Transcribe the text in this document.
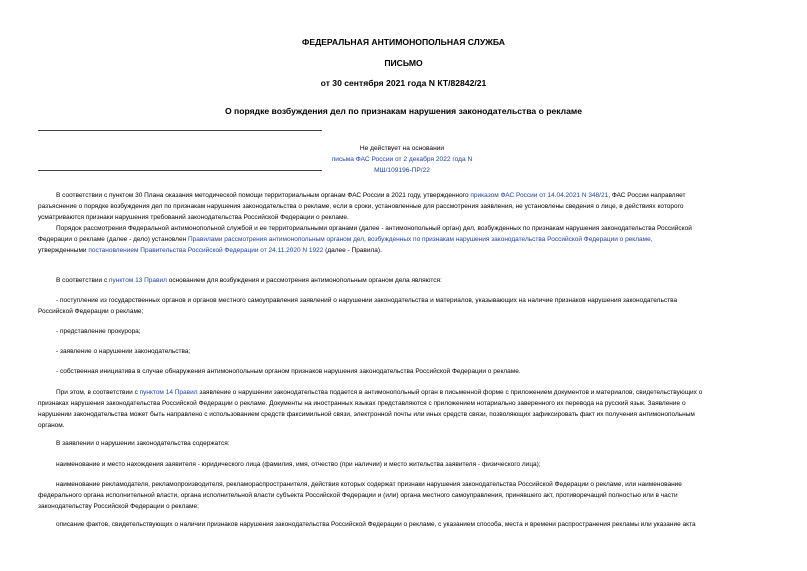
ФЕДЕРАЛЬНАЯ АНТИМОНОПОЛЬНАЯ СЛУЖБА
ПИСЬМО
от 30 сентября 2021 года N КТ/82842/21
О порядке возбуждения дел по признакам нарушения законодательства о рекламе
Не действует на основании
письма ФАС России от 2 декабря 2022 года N МШ/109196-ПР/22
В соответствии с пунктом 30 Плана оказания методической помощи территориальным органам ФАС России в 2021 году, утвержденного приказом ФАС России от 14.04.2021 N 348/21, ФАС России направляет
разъяснение о порядке возбуждения дел по признакам нарушения законодательства о рекламе, если в сроки, установленные для рассмотрения заявления, не установлены сведения о лице, в действиях которого
усматриваются признаки нарушения требований законодательства Российской Федерации о рекламе.
Порядок рассмотрения Федеральной антимонопольной службой и ее территориальными органами (далее - антимонопольный орган) дел, возбужденных по признакам нарушения законодательства Российской
Федерации о рекламе (далее - дело) установлен Правилами рассмотрения антимонопольным органом дел, возбужденных по признакам нарушения законодательства Российской Федерации о рекламе,
утвержденными постановлением Правительства Российской Федерации от 24.11.2020 N 1922 (далее - Правила).
В соответствии с пунктом 13 Правил основанием для возбуждения и рассмотрения антимонопольным органом дела являются:
- поступление из государственных органов и органов местного самоуправления заявлений о нарушении законодательства и материалов, указывающих на наличие признаков нарушения законодательства
Российской Федерации о рекламе;
- представление прокурора;
- заявление о нарушении законодательства;
- собственная инициатива в случае обнаружения антимонопольным органом признаков нарушения законодательства Российской Федерации о рекламе.
При этом, в соответствии с пунктом 14 Правил заявление о нарушении законодательства подается в антимонопольный орган в письменной форме с приложением документов и материалов, свидетельствующих о
признаках нарушения законодательства Российской Федерации о рекламе. Документы на иностранных языках представляются с приложением нотариально заверенного их перевода на русский язык. Заявление о
нарушении законодательства может быть направлено с использованием средств факсимильной связи, электронной почты или иных средств связи, позволяющих зафиксировать факт их получения антимонопольным
органом.
В заявлении о нарушении законодательства содержатся:
наименование и место нахождения заявителя - юридического лица (фамилия, имя, отчество (при наличии) и место жительства заявителя - физического лица);
наименование рекламодателя, рекламопроизводителя, рекламораспространителя, действия которых содержат признаки нарушения законодательства Российской Федерации о рекламе, или наименование
федерального органа исполнительной власти, органа исполнительной власти субъекта Российской Федерации и (или) органа местного самоуправления, принявшего акт, противоречащий полностью или в части
законодательству Российской Федерации о рекламе;
описание фактов, свидетельствующих о наличии признаков нарушения законодательства Российской Федерации о рекламе, с указанием способа, места и времени распространения рекламы или указание акта
